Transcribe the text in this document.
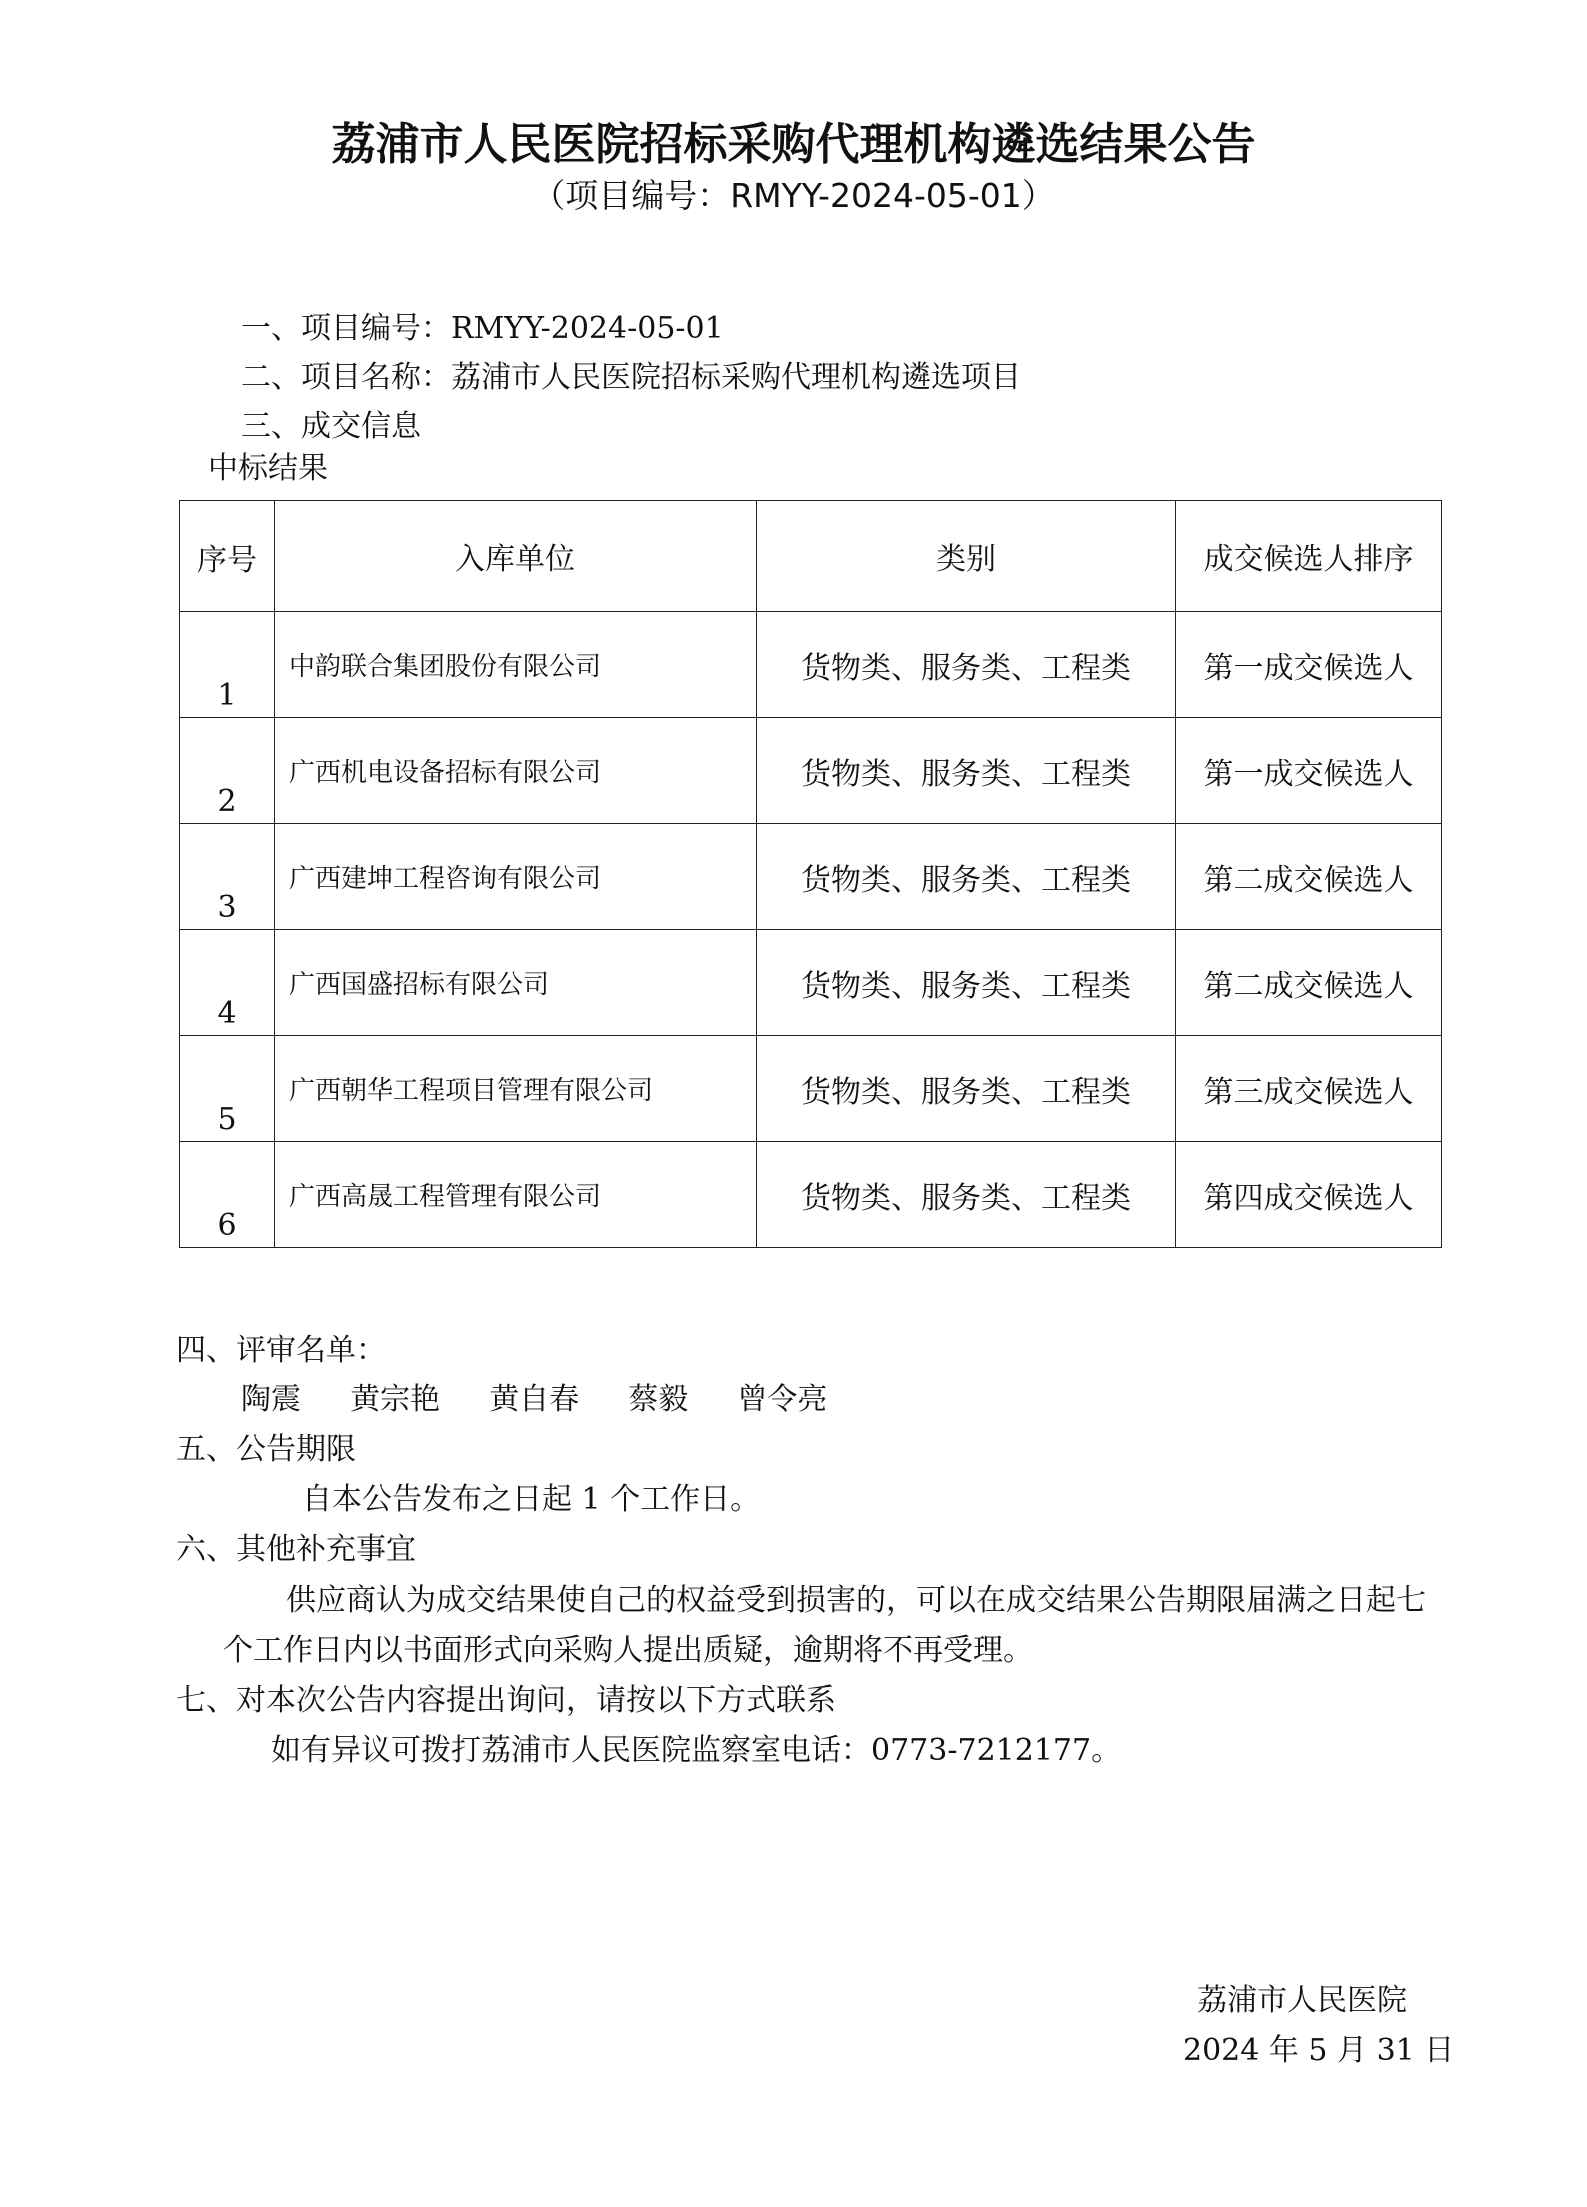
荔浦市人民医院招标采购代理机构遴选结果公告
（项目编号：RMYY-2024-05-01）
一、项目编号：RMYY-2024-05-01
二、项目名称：荔浦市人民医院招标采购代理机构遴选项目
三、成交信息
中标结果
序号	入库单位	类别	成交候选人排序
1	中韵联合集团股份有限公司	货物类、服务类、工程类	第一成交候选人
2	广西机电设备招标有限公司	货物类、服务类、工程类	第一成交候选人
3	广西建坤工程咨询有限公司	货物类、服务类、工程类	第二成交候选人
4	广西国盛招标有限公司	货物类、服务类、工程类	第二成交候选人
5	广西朝华工程项目管理有限公司	货物类、服务类、工程类	第三成交候选人
6	广西高晟工程管理有限公司	货物类、服务类、工程类	第四成交候选人
四、评审名单：
陶震 黄宗艳 黄自春 蔡毅 曾令亮
五、公告期限
自本公告发布之日起 1 个工作日。
六、其他补充事宜
供应商认为成交结果使自己的权益受到损害的，可以在成交结果公告期限届满之日起七
个工作日内以书面形式向采购人提出质疑，逾期将不再受理。
七、对本次公告内容提出询问，请按以下方式联系
如有异议可拨打荔浦市人民医院监察室电话：0773-7212177。
荔浦市人民医院
2024 年 5 月 31 日
